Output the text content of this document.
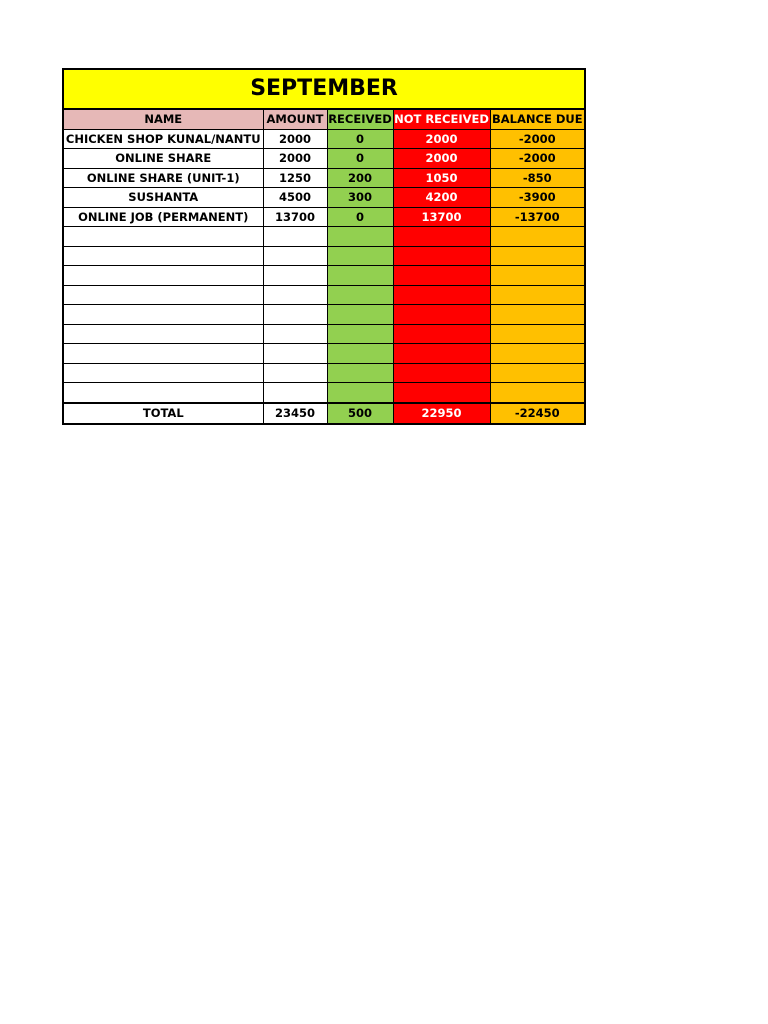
SEPTEMBER				
NAME	AMOUNT	RECEIVED	NOT RECEIVED	BALANCE DUE
CHICKEN SHOP KUNAL/NANTU	2000	0	2000	-2000
ONLINE SHARE	2000	0	2000	-2000
ONLINE SHARE (UNIT-1)	1250	200	1050	-850
SUSHANTA	4500	300	4200	-3900
ONLINE JOB (PERMANENT)	13700	0	13700	-13700

TOTAL	23450	500	22950	-22450
